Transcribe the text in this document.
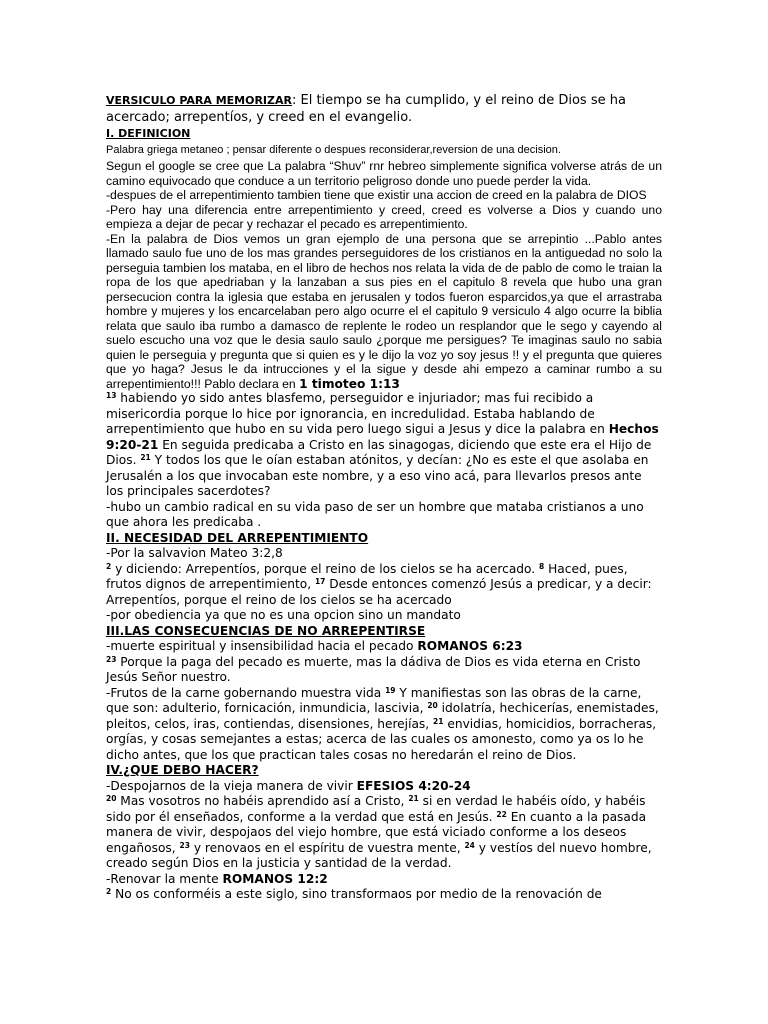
VERSICULO PARA MEMORIZAR: El tiempo se ha cumplido, y el reino de Dios se ha acercado; arrepentíos, y creed en el evangelio.

I. DEFINICION

Palabra griega metaneo ; pensar diferente o despues reconsiderar,reversion de una decision.

Segun el google se cree que La palabra “Shuv” rnr hebreo simplemente significa volverse atrás de un camino equivocado que conduce a un territorio peligroso donde uno puede perder la vida.

-despues de el arrepentimiento tambien tiene que existir una accion de creed en la palabra de DIOS

-Pero hay una diferencia entre arrepentimiento y creed, creed es volverse a Dios y cuando uno empieza a dejar de pecar y rechazar el pecado es arrepentimiento.

-En la palabra de Dios vemos un gran ejemplo de una persona que se arrepintio ...Pablo antes llamado saulo fue uno de los mas grandes perseguidores de los cristianos en la antiguedad no solo la perseguia tambien los mataba, en el libro de hechos nos relata la vida de de pablo de como le traian la ropa de los que apedriaban y la lanzaban a sus pies en el capitulo 8 revela que hubo una gran persecucion contra la iglesia que estaba en jerusalen y todos fueron esparcidos,ya que el arrastraba hombre y mujeres y los encarcelaban pero algo ocurre el el capitulo 9 versiculo 4 algo ocurre la biblia relata que saulo iba rumbo a damasco de replente le rodeo un resplandor que le sego y cayendo al suelo escucho una voz que le desia saulo saulo ¿porque me persigues? Te imaginas saulo no sabia quien le perseguia y pregunta que si quien es y le dijo la voz yo soy jesus !! y el pregunta que quieres que yo haga? Jesus le da intrucciones y el la sigue y desde ahi empezo a caminar rumbo a su arrepentimiento!!! Pablo declara en 1 timoteo 1:13

$^{13}$ habiendo yo sido antes blasfemo, perseguidor e injuriador; mas fui recibido a misericordia porque lo hice por ignorancia, en incredulidad. Estaba hablando de arrepentimiento que hubo en su vida pero luego sigui a Jesus y dice la palabra en Hechos 9:20-21 En seguida predicaba a Cristo en las sinagogas, diciendo que este era el Hijo de Dios. $^{21}$ Y todos los que le oían estaban atónitos, y decían: ¿No es este el que asolaba en Jerusalén a los que invocaban este nombre, y a eso vino acá, para llevarlos presos ante los principales sacerdotes?

-hubo un cambio radical en su vida paso de ser un hombre que mataba cristianos a uno que ahora les predicaba .

II. NECESIDAD DEL ARREPENTIMIENTO

-Por la salvavion Mateo 3:2,8

$^2$ y diciendo: Arrepentíos, porque el reino de los cielos se ha acercado. $^8$ Haced, pues, frutos dignos de arrepentimiento, $^{17}$ Desde entonces comenzó Jesús a predicar, y a decir: Arrepentíos, porque el reino de los cielos se ha acercado

-por obediencia ya que no es una opcion sino un mandato

III.LAS CONSECUENCIAS DE NO ARREPENTIRSE

-muerte espiritual y insensibilidad hacia el pecado ROMANOS 6:23

$^{23}$ Porque la paga del pecado es muerte, mas la dádiva de Dios es vida eterna en Cristo Jesús Señor nuestro.

-Frutos de la carne gobernando muestra vida $^{19}$ Y manifiestas son las obras de la carne, que son: adulterio, fornicación, inmundicia, lascivia, $^{20}$ idolatría, hechicerías, enemistades, pleitos, celos, iras, contiendas, disensiones, herejías, $^{21}$ envidias, homicidios, borracheras, orgías, y cosas semejantes a estas; acerca de las cuales os amonesto, como ya os lo he dicho antes, que los que practican tales cosas no heredarán el reino de Dios.

IV.¿QUE DEBO HACER?

-Despojarnos de la vieja manera de vivir EFESIOS 4:20-24

$^{20}$ Mas vosotros no habéis aprendido así a Cristo, $^{21}$ si en verdad le habéis oído, y habéis sido por él enseñados, conforme a la verdad que está en Jesús. $^{22}$ En cuanto a la pasada manera de vivir, despojaos del viejo hombre, que está viciado conforme a los deseos engañosos, $^{23}$ y renovaos en el espíritu de vuestra mente, $^{24}$ y vestíos del nuevo hombre, creado según Dios en la justicia y santidad de la verdad.

-Renovar la mente ROMANOS 12:2

$^2$ No os conforméis a este siglo, sino transformaos por medio de la renovación de
